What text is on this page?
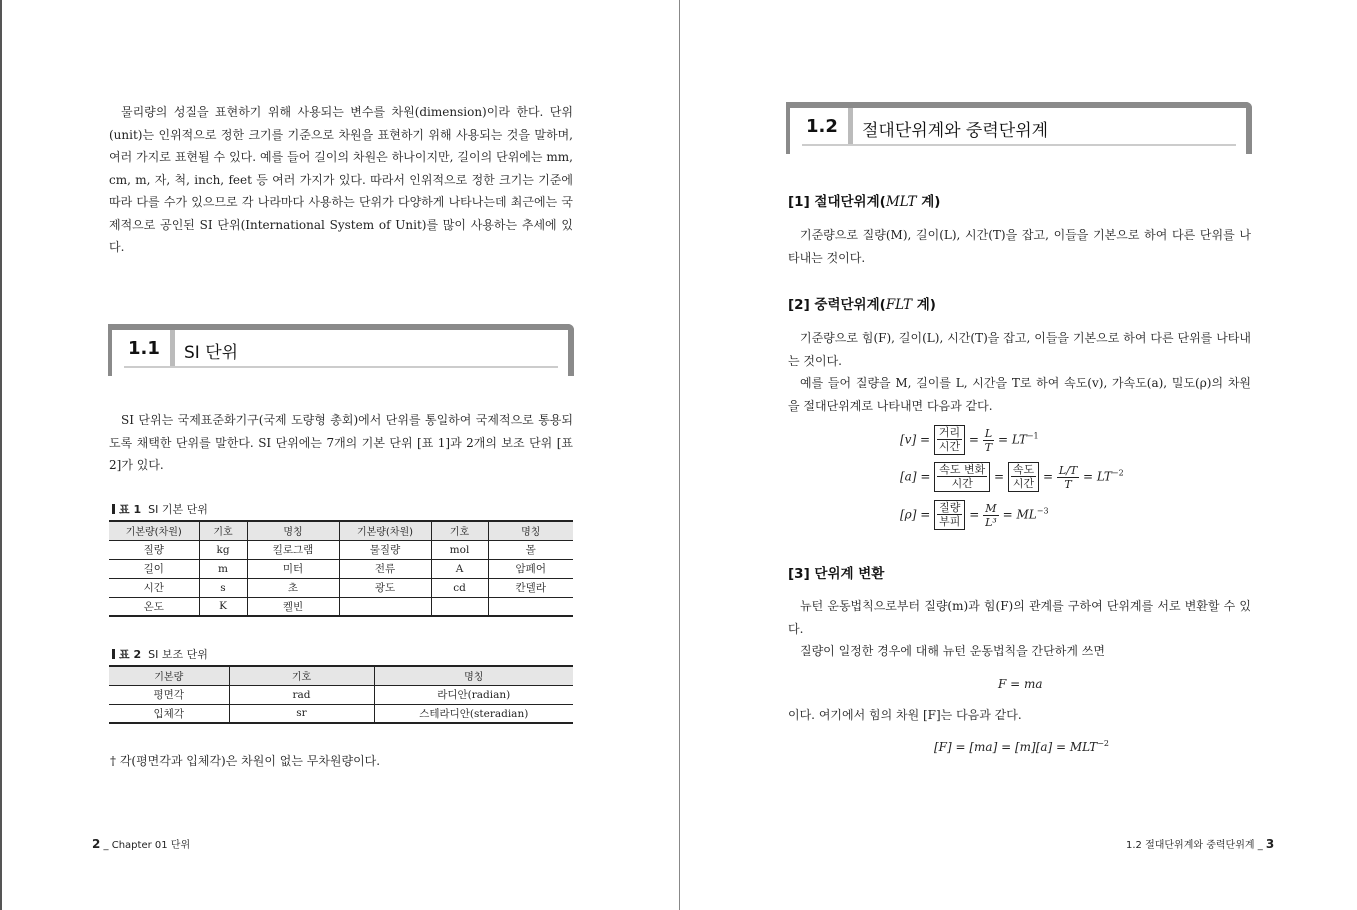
물리량의 성질을 표현하기 위해 사용되는 변수를 차원(dimension)이라 한다. 단위(unit)는 인위적으로 정한 크기를 기준으로 차원을 표현하기 위해 사용되는 것을 말하며, 여러 가지로 표현될 수 있다. 예를 들어 길이의 차원은 하나이지만, 길이의 단위에는 mm, cm, m, 자, 척, inch, feet 등 여러 가지가 있다. 따라서 인위적으로 정한 크기는 기준에 따라 다를 수가 있으므로 각 나라마다 사용하는 단위가 다양하게 나타나는데 최근에는 국제적으로 공인된 SI 단위(International System of Unit)를 많이 사용하는 추세에 있다.

1.1 SI 단위

SI 단위는 국제표준화기구(국제 도량형 총회)에서 단위를 통일하여 국제적으로 통용되도록 채택한 단위를 말한다. SI 단위에는 7개의 기본 단위 [표 1]과 2개의 보조 단위 [표 2]가 있다.

표 1 SI 기본 단위
기본량(차원)	기호	명칭	기본량(차원)	기호	명칭
질량	kg	킬로그램	물질량	mol	몰
길이	m	미터	전류	A	암페어
시간	s	초	광도	cd	칸델라
온도	K	켈빈			
표 2 SI 보조 단위
기본량	기호	명칭
평면각	rad	라디안(radian)
입체각	sr	스테라디안(steradian)
† 각(평면각과 입체각)은 차원이 없는 무차원량이다.
2 _ Chapter 01 단위
1.2 절대단위계와 중력단위계
[1] 절대단위계(MLT 계)

기준량으로 질량(M), 길이(L), 시간(T)을 잡고, 이들을 기본으로 하여 다른 단위를 나타내는 것이다.

[2] 중력단위계(FLT 계)

기준량으로 힘(F), 길이(L), 시간(T)을 잡고, 이들을 기본으로 하여 다른 단위를 나타내는 것이다.

예를 들어 질량을 M, 길이를 L, 시간을 T로 하여 속도(v), 가속도(a), 밀도(ρ)의 차원을 절대단위계로 나타내면 다음과 같다.

$[v] = \frac{\text{거리}}{\text{시간}} = \frac{L}{T} = LT^{-1}$
$[a] = \frac{\text{속도 변화}}{\text{시간}} = \frac{\text{속도}}{\text{시간}} = \frac{L/T}{T} = LT^{-2}$
$[\rho] = \frac{\text{질량}}{\text{부피}} = \frac{M}{\text{L³}} = ML^{-3}$
[3] 단위계 변환

뉴턴 운동법칙으로부터 질량(m)과 힘(F)의 관계를 구하여 단위계를 서로 변환할 수 있다.

질량이 일정한 경우에 대해 뉴턴 운동법칙을 간단하게 쓰면

F = ma

이다. 여기에서 힘의 차원 [F]는 다음과 같다.

$[F] = [ma] = [m][a] = MLT^{-2}$
1.2 절대단위계와 중력단위계 _ 3
